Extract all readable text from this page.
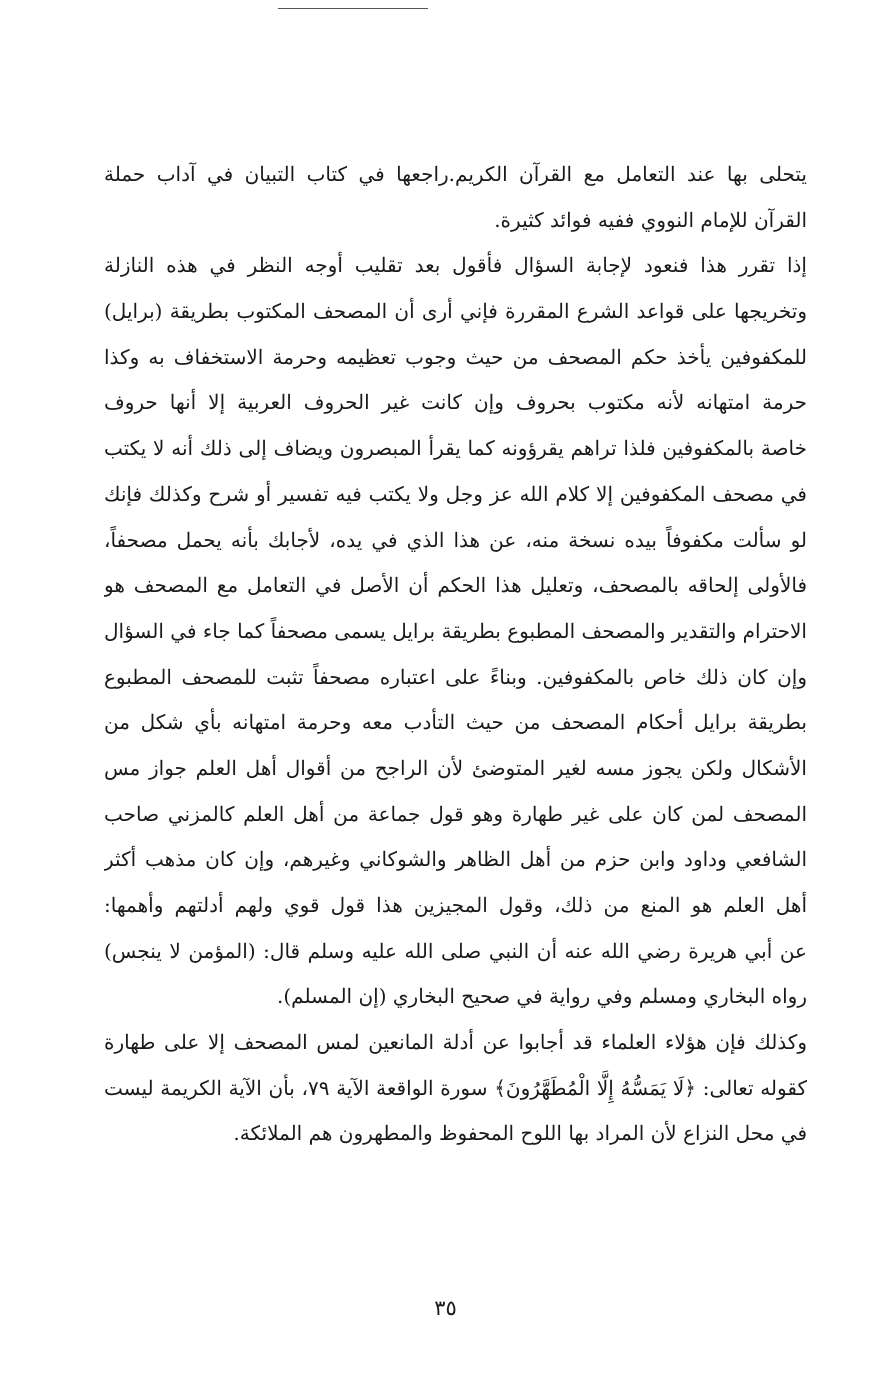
يتحلى بها عند التعامل مع القرآن الكريم.راجعها في كتاب التبيان في آداب حملة
القرآن للإمام النووي ففيه فوائد كثيرة.
إذا تقرر هذا فنعود لإجابة السؤال فأقول بعد تقليب أوجه النظر في هذه النازلة
وتخريجها على قواعد الشرع المقررة فإني أرى أن المصحف المكتوب بطريقة (برايل)
للمكفوفين يأخذ حكم المصحف من حيث وجوب تعظيمه وحرمة الاستخفاف به وكذا
حرمة امتهانه لأنه مكتوب بحروف وإن كانت غير الحروف العربية إلا أنها حروف
خاصة بالمكفوفين فلذا تراهم يقرؤونه كما يقرأ المبصرون ويضاف إلى ذلك أنه لا يكتب
في مصحف المكفوفين إلا كلام الله عز وجل ولا يكتب فيه تفسير أو شرح وكذلك فإنك
لو سألت مكفوفاً بيده نسخة منه، عن هذا الذي في يده، لأجابك بأنه يحمل مصحفاً،
فالأولى إلحاقه بالمصحف، وتعليل هذا الحكم أن الأصل في التعامل مع المصحف هو
الاحترام والتقدير والمصحف المطبوع بطريقة برايل يسمى مصحفاً كما جاء في السؤال
وإن كان ذلك خاص بالمكفوفين. وبناءً على اعتباره مصحفاً تثبت للمصحف المطبوع
بطريقة برايل أحكام المصحف من حيث التأدب معه وحرمة امتهانه بأي شكل من
الأشكال ولكن يجوز مسه لغير المتوضئ لأن الراجح من أقوال أهل العلم جواز مس
المصحف لمن كان على غير طهارة وهو قول جماعة من أهل العلم كالمزني صاحب
الشافعي وداود وابن حزم من أهل الظاهر والشوكاني وغيرهم، وإن كان مذهب أكثر
أهل العلم هو المنع من ذلك، وقول المجيزين هذا قول قوي ولهم أدلتهم وأهمها:
عن أبي هريرة رضي الله عنه أن النبي صلى الله عليه وسلم قال: (المؤمن لا ينجس)
رواه البخاري ومسلم وفي رواية في صحيح البخاري (إن المسلم).
وكذلك فإن هؤلاء العلماء قد أجابوا عن أدلة المانعين لمس المصحف إلا على طهارة
كقوله تعالى: ﴿لَا يَمَسُّهُ إِلَّا الْمُطَهَّرُونَ﴾ سورة الواقعة الآية ٧٩، بأن الآية الكريمة ليست
في محل النزاع لأن المراد بها اللوح المحفوظ والمطهرون هم الملائكة.
٣٥
